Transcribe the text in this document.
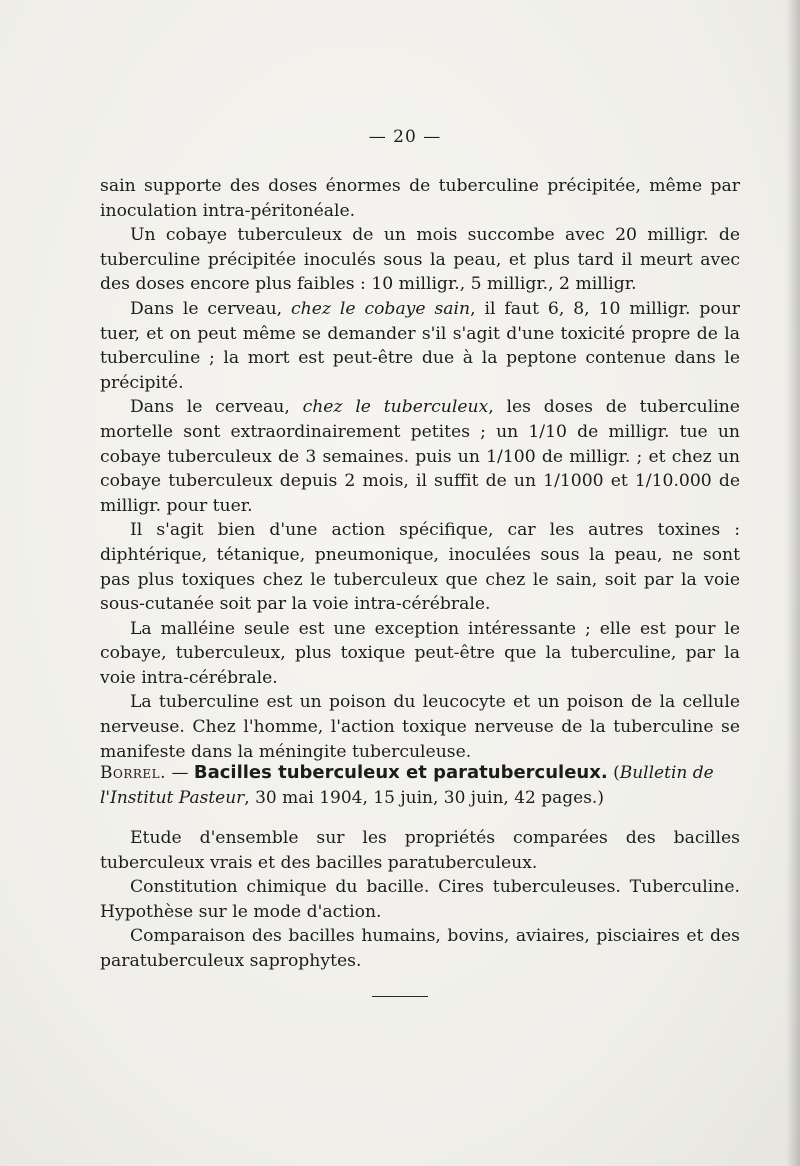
— 20 —

sain supporte des doses énormes de tuberculine précipitée, même par inoculation intra-péritonéale.

Un cobaye tuberculeux de un mois succombe avec 20 milligr. de tuberculine précipitée inoculés sous la peau, et plus tard il meurt avec des doses encore plus faibles : 10 milligr., 5 milligr., 2 milligr.

Dans le cerveau, chez le cobaye sain, il faut 6, 8, 10 milligr. pour tuer, et on peut même se demander s'il s'agit d'une toxicité propre de la tuberculine ; la mort est peut-être due à la peptone contenue dans le précipité.

Dans le cerveau, chez le tuberculeux, les doses de tuberculine mortelle sont extraordinairement petites ; un 1/10 de milligr. tue un cobaye tuberculeux de 3 semaines. puis un 1/100 de milligr. ; et chez un cobaye tuberculeux depuis 2 mois, il suffit de un 1/1000 et 1/10.000 de milligr. pour tuer.

Il s'agit bien d'une action spécifique, car les autres toxines : diphtérique, tétanique, pneumonique, inoculées sous la peau, ne sont pas plus toxiques chez le tuberculeux que chez le sain, soit par la voie sous-cutanée soit par la voie intra-cérébrale.

La malléine seule est une exception intéressante ; elle est pour le cobaye, tuberculeux, plus toxique peut-être que la tuberculine, par la voie intra-cérébrale.

La tuberculine est un poison du leucocyte et un poison de la cellule nerveuse. Chez l'homme, l'action toxique nerveuse de la tuberculine se manifeste dans la méningite tuberculeuse.

Borrel. — Bacilles tuberculeux et paratuberculeux. (Bulletin de l'Institut Pasteur, 30 mai 1904, 15 juin, 30 juin, 42 pages.)

Etude d'ensemble sur les propriétés comparées des bacilles tuberculeux vrais et des bacilles paratuberculeux.

Constitution chimique du bacille. Cires tuberculeuses. Tuberculine. Hypothèse sur le mode d'action.

Comparaison des bacilles humains, bovins, aviaires, pisciaires et des paratuberculeux saprophytes.
